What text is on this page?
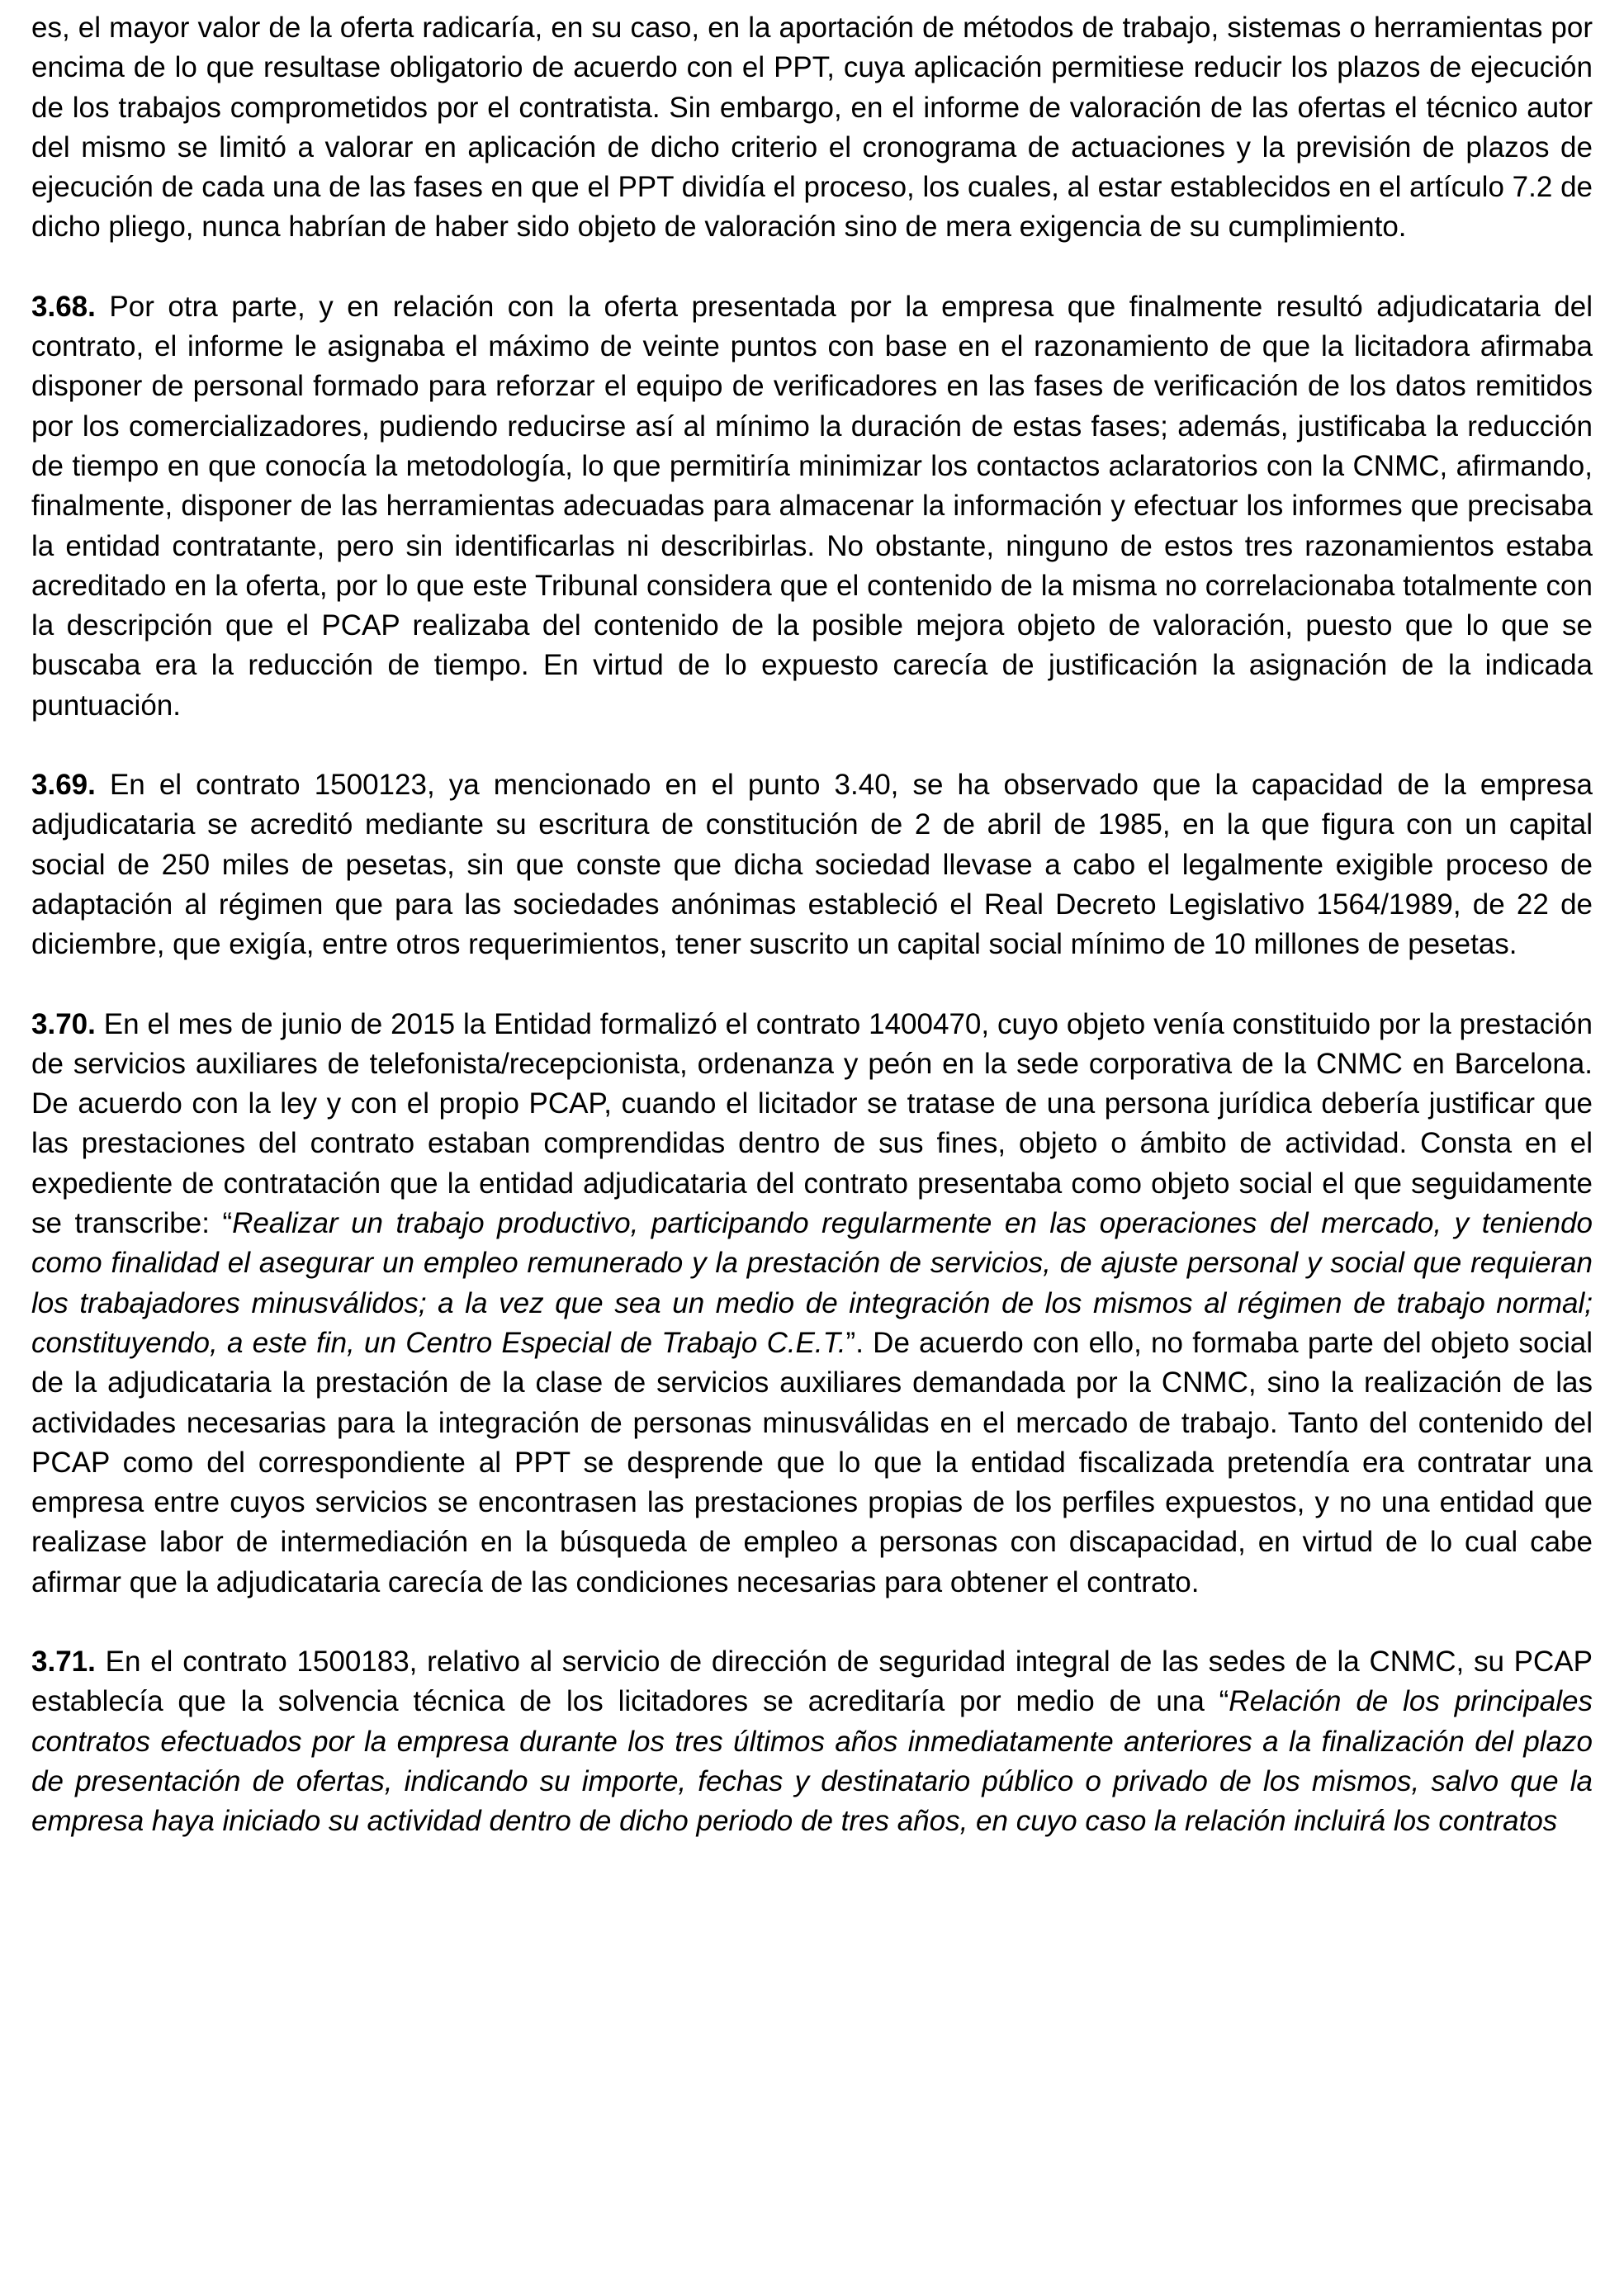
es, el mayor valor de la oferta radicaría, en su caso, en la aportación de métodos de trabajo, sistemas o herramientas por encima de lo que resultase obligatorio de acuerdo con el PPT, cuya aplicación permitiese reducir los plazos de ejecución de los trabajos comprometidos por el contratista. Sin embargo, en el informe de valoración de las ofertas el técnico autor del mismo se limitó a valorar en aplicación de dicho criterio el cronograma de actuaciones y la previsión de plazos de ejecución de cada una de las fases en que el PPT dividía el proceso, los cuales, al estar establecidos en el artículo 7.2 de dicho pliego, nunca habrían de haber sido objeto de valoración sino de mera exigencia de su cumplimiento.

3.68. Por otra parte, y en relación con la oferta presentada por la empresa que finalmente resultó adjudicataria del contrato, el informe le asignaba el máximo de veinte puntos con base en el razonamiento de que la licitadora afirmaba disponer de personal formado para reforzar el equipo de verificadores en las fases de verificación de los datos remitidos por los comercializadores, pudiendo reducirse así al mínimo la duración de estas fases; además, justificaba la reducción de tiempo en que conocía la metodología, lo que permitiría minimizar los contactos aclaratorios con la CNMC, afirmando, finalmente, disponer de las herramientas adecuadas para almacenar la información y efectuar los informes que precisaba la entidad contratante, pero sin identificarlas ni describirlas. No obstante, ninguno de estos tres razonamientos estaba acreditado en la oferta, por lo que este Tribunal considera que el contenido de la misma no correlacionaba totalmente con la descripción que el PCAP realizaba del contenido de la posible mejora objeto de valoración, puesto que lo que se buscaba era la reducción de tiempo. En virtud de lo expuesto carecía de justificación la asignación de la indicada puntuación.

3.69. En el contrato 1500123, ya mencionado en el punto 3.40, se ha observado que la capacidad de la empresa adjudicataria se acreditó mediante su escritura de constitución de 2 de abril de 1985, en la que figura con un capital social de 250 miles de pesetas, sin que conste que dicha sociedad llevase a cabo el legalmente exigible proceso de adaptación al régimen que para las sociedades anónimas estableció el Real Decreto Legislativo 1564/1989, de 22 de diciembre, que exigía, entre otros requerimientos, tener suscrito un capital social mínimo de 10 millones de pesetas.

3.70. En el mes de junio de 2015 la Entidad formalizó el contrato 1400470, cuyo objeto venía constituido por la prestación de servicios auxiliares de telefonista/recepcionista, ordenanza y peón en la sede corporativa de la CNMC en Barcelona. De acuerdo con la ley y con el propio PCAP, cuando el licitador se tratase de una persona jurídica debería justificar que las prestaciones del contrato estaban comprendidas dentro de sus fines, objeto o ámbito de actividad. Consta en el expediente de contratación que la entidad adjudicataria del contrato presentaba como objeto social el que seguidamente se transcribe: “Realizar un trabajo productivo, participando regularmente en las operaciones del mercado, y teniendo como finalidad el asegurar un empleo remunerado y la prestación de servicios, de ajuste personal y social que requieran los trabajadores minusválidos; a la vez que sea un medio de integración de los mismos al régimen de trabajo normal; constituyendo, a este fin, un Centro Especial de Trabajo C.E.T.”. De acuerdo con ello, no formaba parte del objeto social de la adjudicataria la prestación de la clase de servicios auxiliares demandada por la CNMC, sino la realización de las actividades necesarias para la integración de personas minusválidas en el mercado de trabajo. Tanto del contenido del PCAP como del correspondiente al PPT se desprende que lo que la entidad fiscalizada pretendía era contratar una empresa entre cuyos servicios se encontrasen las prestaciones propias de los perfiles expuestos, y no una entidad que realizase labor de intermediación en la búsqueda de empleo a personas con discapacidad, en virtud de lo cual cabe afirmar que la adjudicataria carecía de las condiciones necesarias para obtener el contrato.

3.71. En el contrato 1500183, relativo al servicio de dirección de seguridad integral de las sedes de la CNMC, su PCAP establecía que la solvencia técnica de los licitadores se acreditaría por medio de una “Relación de los principales contratos efectuados por la empresa durante los tres últimos años inmediatamente anteriores a la finalización del plazo de presentación de ofertas, indicando su importe, fechas y destinatario público o privado de los mismos, salvo que la empresa haya iniciado su actividad dentro de dicho periodo de tres años, en cuyo caso la relación incluirá los contratos
